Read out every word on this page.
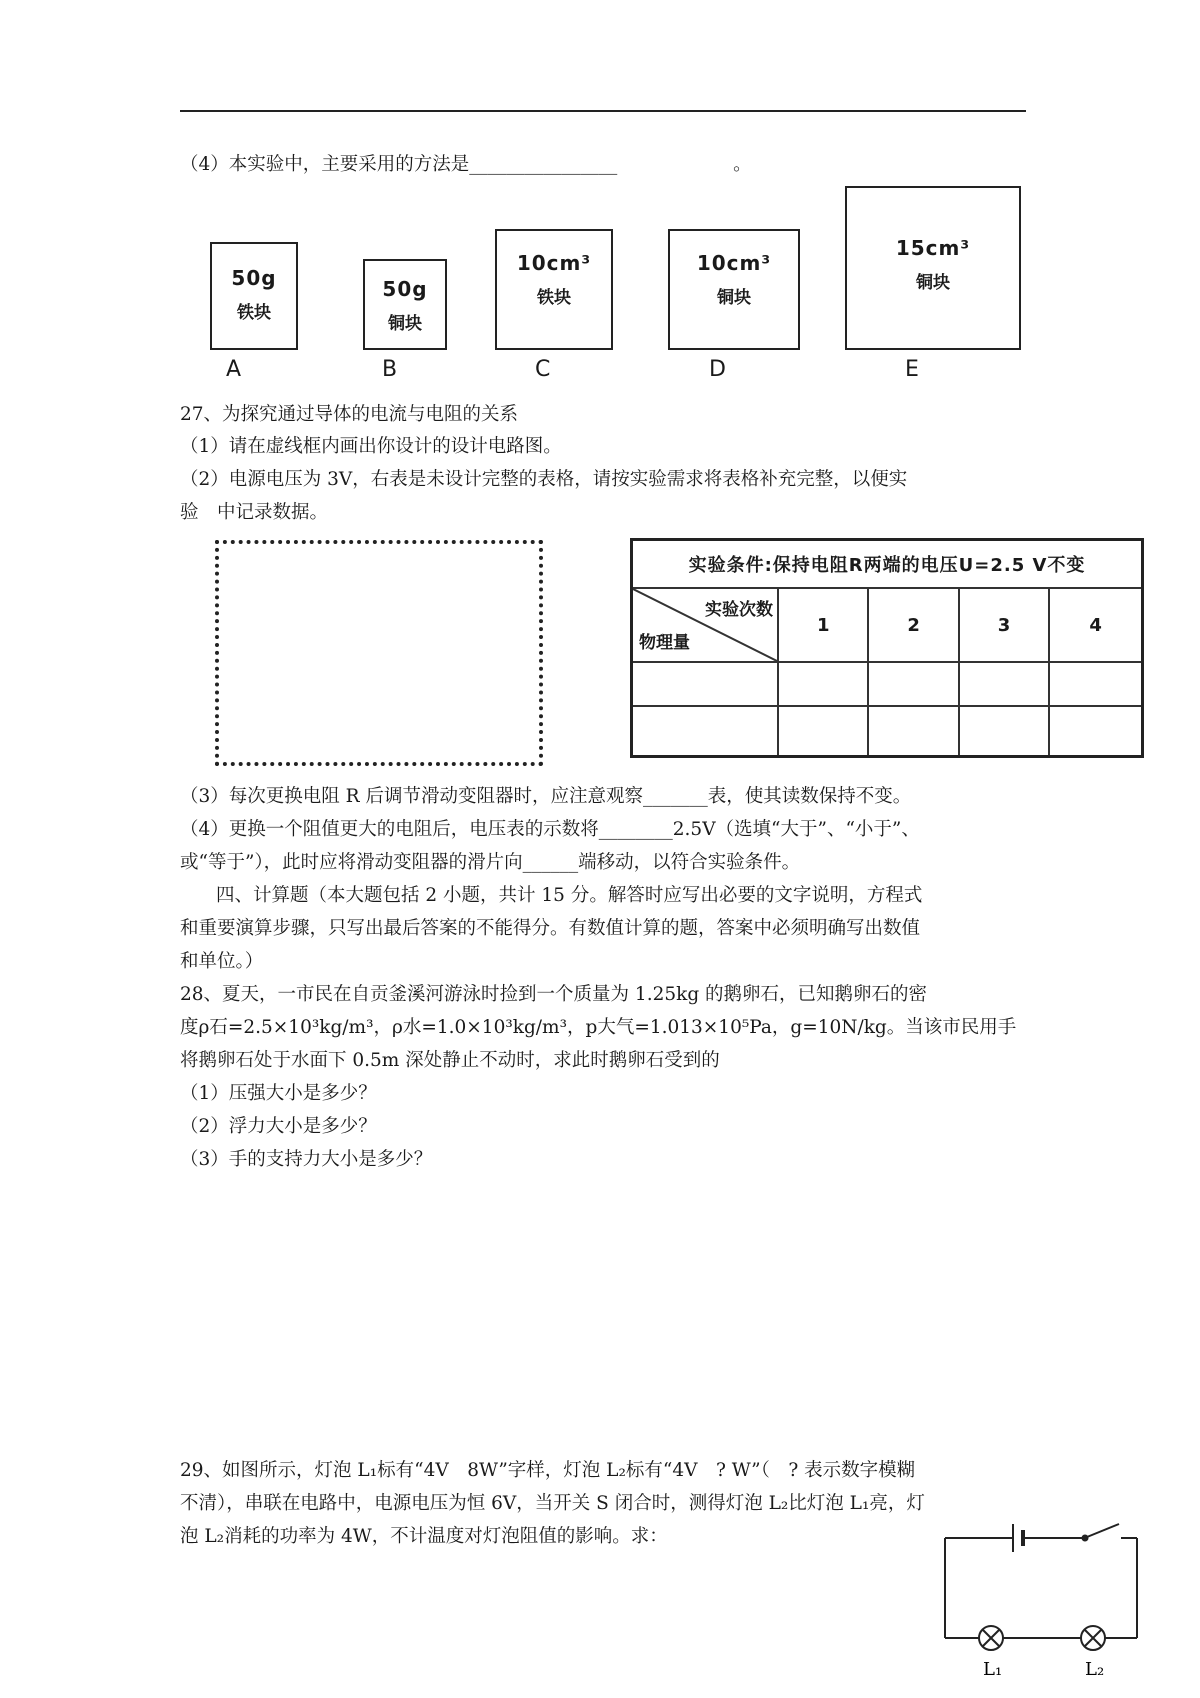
（4）本实验中，主要采用的方法是________________	。
50g
铁块
A
50g
铜块
B
10cm³
铁块
C
10cm³
铜块
D
15cm³
铜块
E
27、为探究通过导体的电流与电阻的关系
（1）请在虚线框内画出你设计的设计电路图。
（2）电源电压为 3V，右表是未设计完整的表格，请按实验需求将表格补充完整，以便实
验　中记录数据。
实验条件:保持电阻R两端的电压U=2.5 V不变				

实验次数
物理量	1	2	3	4

（3）每次更换电阻 R 后调节滑动变阻器时，应注意观察_______表，使其读数保持不变。
（4）更换一个阻值更大的电阻后，电压表的示数将________2.5V（选填“大于”、“小于”、
或“等于”），此时应将滑动变阻器的滑片向______端移动，以符合实验条件。
四、计算题（本大题包括 2 小题，共计 15 分。解答时应写出必要的文字说明，方程式
和重要演算步骤，只写出最后答案的不能得分。有数值计算的题，答案中必须明确写出数值
和单位。）
28、夏天，一市民在自贡釜溪河游泳时捡到一个质量为 1.25kg 的鹅卵石，已知鹅卵石的密
度ρ石=2.5×10³kg/m³，ρ水=1.0×10³kg/m³，p大气=1.013×10⁵Pa，g=10N/kg。当该市民用手
将鹅卵石处于水面下 0.5m 深处静止不动时，求此时鹅卵石受到的
（1）压强大小是多少？
（2）浮力大小是多少？
（3）手的支持力大小是多少？
29、如图所示，灯泡 L₁标有“4V　8W”字样，灯泡 L₂标有“4V　? W”（　? 表示数字模糊
不清），串联在电路中，电源电压为恒 6V，当开关 S 闭合时，测得灯泡 L₂比灯泡 L₁亮，灯
泡 L₂消耗的功率为 4W，不计温度对灯泡阻值的影响。求：
L₁	L₂
